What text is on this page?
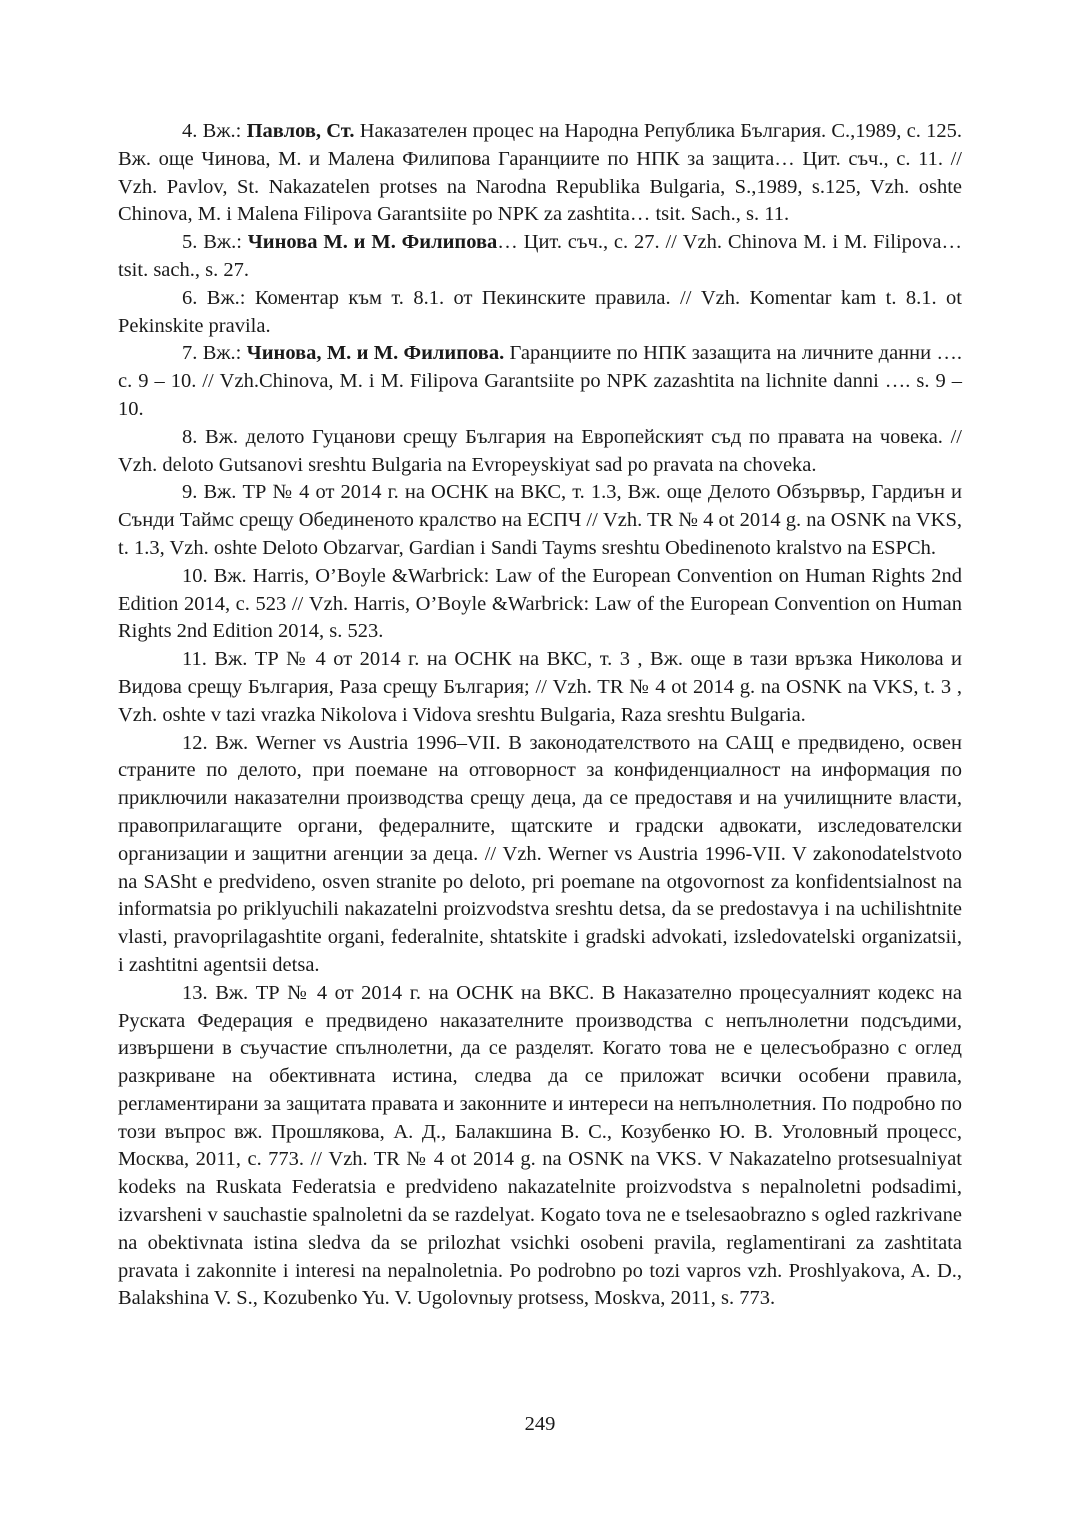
4. Вж.: Павлов, Ст. Наказателен процес на Народна Република България. С.,1989, с. 125. Вж. още Чинова, М. и Малена Филипова Гаранциите по НПК за защита… Цит. съч., с. 11. // Vzh. Pavlov, St. Nakazatelen protses na Narodna Republika Bulgaria, S.,1989, s.125, Vzh. oshte Chinova, M. i Malena Filipova Garantsiite po NPK za zashtita… tsit. Sach., s. 11.

5. Вж.: Чинова М. и М. Филипова… Цит. съч., с. 27. // Vzh. Chinova M. i M. Filipova… tsit. sach., s. 27.

6. Вж.: Коментар към т. 8.1. от Пекинските правила. // Vzh. Komentar kam t. 8.1. ot Pekinskite pravila.

7. Вж.: Чинова, М. и М. Филипова. Гаранциите по НПК зазащита на личните данни …. с. 9 – 10. // Vzh.Chinova, M. i M. Filipova Garantsiite po NPK zazashtita na lichnite danni …. s. 9 – 10.

8. Вж. делото Гуцанови срещу България на Европейският съд по правата на човека. // Vzh. deloto Gutsanovi sreshtu Bulgaria na Evropeyskiyat sad po pravata na choveka.

9. Вж. ТР № 4 от 2014 г. на ОСНК на ВКС, т. 1.3, Вж. още Делото Обзървър, Гардиън и Сънди Таймс срещу Обединеното кралство на ЕСПЧ // Vzh. TR № 4 ot 2014 g. na OSNK na VKS, t. 1.3, Vzh. oshte Deloto Obzarvar, Gardian i Sandi Tayms sreshtu Obedinenoto kralstvo na ESPCh.

10. Вж. Harris, O’Boyle &Warbrick: Law of the European Convention on Human Rights 2nd Edition 2014, с. 523 // Vzh. Harris, O’Boyle &Warbrick: Law of the European Convention on Human Rights 2nd Edition 2014, s. 523.

11. Вж. ТР № 4 от 2014 г. на ОСНК на ВКС, т. 3 , Вж. още в тази връзка Николова и Видова срещу България, Раза срещу България; // Vzh. TR № 4 ot 2014 g. na OSNK na VKS, t. 3 , Vzh. oshte v tazi vrazka Nikolova i Vidova sreshtu Bulgaria, Raza sreshtu Bulgaria.

12. Вж. Werner vs Austria 1996–VII. В законодателството на САЩ е предвидено, освен страните по делото, при поемане на отговорност за конфиденциалност на информация по приключили наказателни производства срещу деца, да се предоставя и на училищните власти, правоприлагащите органи, федералните, щатските и градски адвокати, изследователски организации и защитни агенции за деца. // Vzh. Werner vs Austria 1996-VII. V zakonodatelstvoto na SASht e predvideno, osven stranite po deloto, pri poemane na otgovornost za konfidentsialnost na informatsia po priklyuchili nakazatelni proizvodstva sreshtu detsa, da se predostavya i na uchilishtnite vlasti, pravoprilagashtite organi, federalnite, shtatskite i gradski advokati, izsledovatelski organizatsii, i zashtitni agentsii detsa.

13. Вж. ТР № 4 от 2014 г. на ОСНК на ВКС. В Наказателно процесуалният кодекс на Руската Федерация е предвидено наказателните производства с непълнолетни подсъдими, извършени в съучастие спълнолетни, да се разделят. Когато това не е целесъобразно с оглед разкриване на обективната истина, следва да се приложат всички особени правила, регламентирани за защитата правата и законните и интереси на непълнолетния. По подробно по този въпрос вж. Прошлякова, А. Д., Балакшина В. С., Козубенко Ю. В. Уголовный процесс, Москва, 2011, с. 773. // Vzh. TR № 4 ot 2014 g. na OSNK na VKS. V Nakazatelno protsesualniyat kodeks na Ruskata Federatsia e predvideno nakazatelnite proizvodstva s nepalnoletni podsadimi, izvarsheni v sauchastie spalnoletni da se razdelyat. Kogato tova ne e tselesaobrazno s ogled razkrivane na obektivnata istina sledva da se prilozhat vsichki osobeni pravila, reglamentirani za zashtitata pravata i zakonnite i interesi na nepalnoletnia. Po podrobno po tozi vapros vzh. Proshlyakova, A. D., Balakshina V. S., Kozubenko Yu. V. Ugolovnыy protsess, Moskva, 2011, s. 773.

249
